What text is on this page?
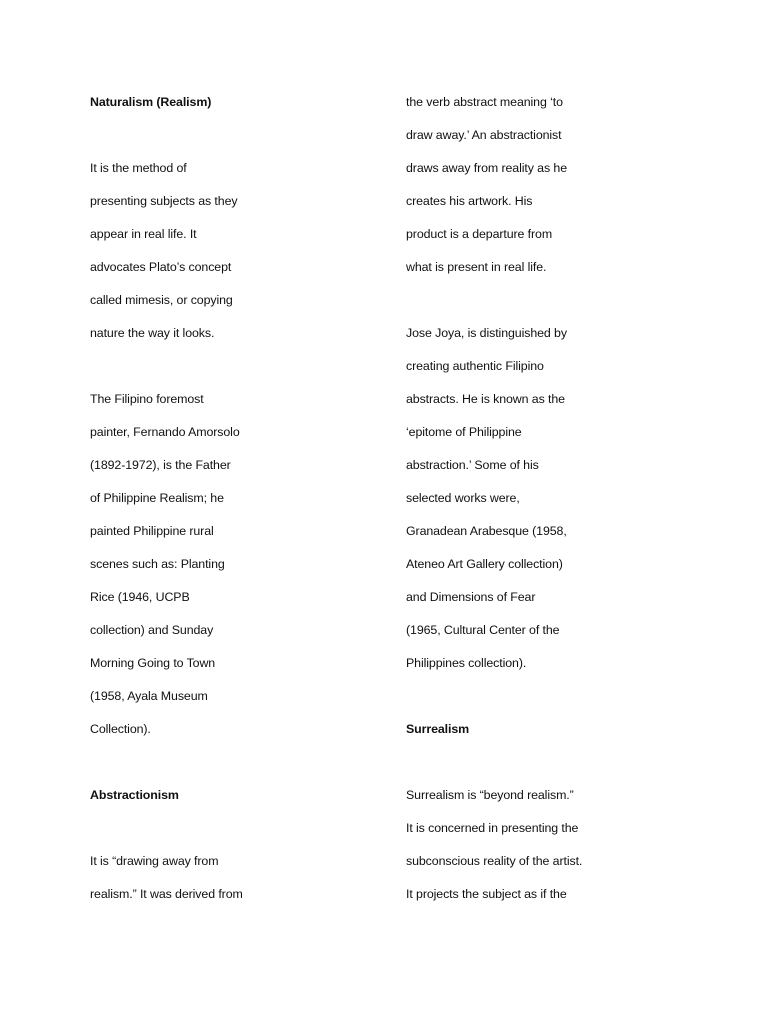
Naturalism (Realism)
It is the method of
presenting subjects as they
appear in real life. It
advocates Plato’s concept
called mimesis, or copying
nature the way it looks.
The Filipino foremost
painter, Fernando Amorsolo
(1892-1972), is the Father
of Philippine Realism; he
painted Philippine rural
scenes such as: Planting
Rice (1946, UCPB
collection) and Sunday
Morning Going to Town
(1958, Ayala Museum
Collection).
Abstractionism
It is “drawing away from
realism.” It was derived from
the verb abstract meaning ‘to
draw away.’ An abstractionist
draws away from reality as he
creates his artwork. His
product is a departure from
what is present in real life.
Jose Joya, is distinguished by
creating authentic Filipino
abstracts. He is known as the
‘epitome of Philippine
abstraction.’ Some of his
selected works were,
Granadean Arabesque (1958,
Ateneo Art Gallery collection)
and Dimensions of Fear
(1965, Cultural Center of the
Philippines collection).
Surrealism
Surrealism is “beyond realism.”
It is concerned in presenting the
subconscious reality of the artist.
It projects the subject as if the
